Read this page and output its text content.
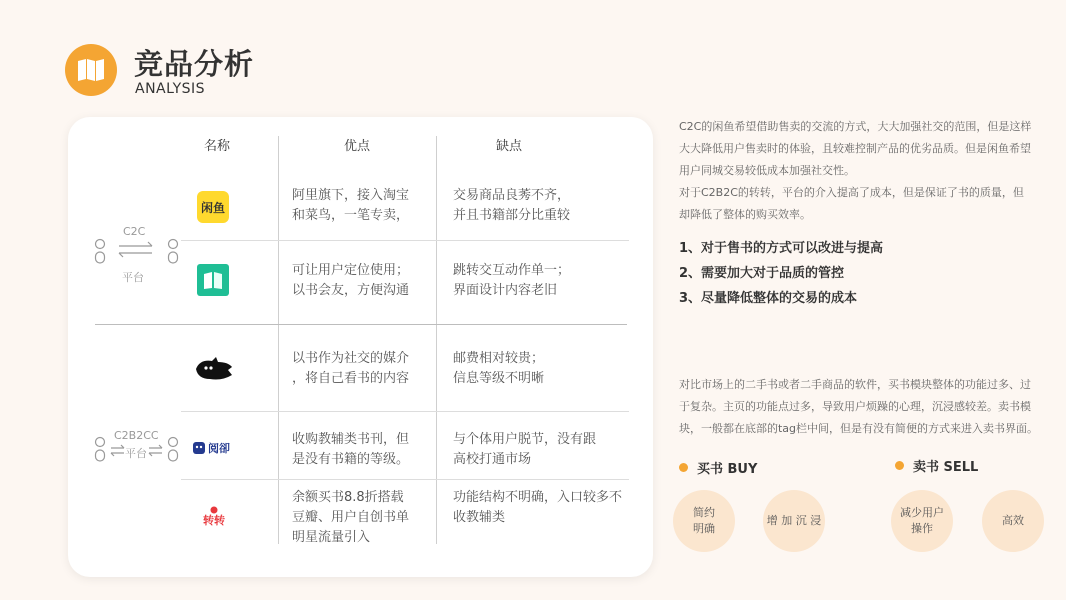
竞品分析
ANALYSIS
名称	优点	缺点
C2C
平台
C2B2CC
平台
闲鱼
阿里旗下，接入淘宝
和菜鸟，一笔专卖，
交易商品良莠不齐，
并且书籍部分比重较
可让用户定位使用；
以书会友，方便沟通
跳转交互动作单一；
界面设计内容老旧
以书作为社交的媒介
，将自己看书的内容
邮费相对较贵；
信息等级不明晰
阅卻
收购教辅类书刊，但
是没有书籍的等级。
与个体用户脱节，没有跟
高校打通市场
转转
余额买书8.8折搭载
豆瓣、用户自创书单
明星流量引入
功能结构不明确，入口较多不
收教辅类
C2C的闲鱼希望借助售卖的交流的方式，大大加强社交的范围，但是这样
大大降低用户售卖时的体验，且较难控制产品的优劣品质。但是闲鱼希望
用户同城交易较低成本加强社交性。
对于C2B2C的转转，平台的介入提高了成本，但是保证了书的质量，但
却降低了整体的购买效率。
1、对于售书的方式可以改进与提高
2、需要加大对于品质的管控
3、尽量降低整体的交易的成本
对比市场上的二手书或者二手商品的软件，买书模块整体的功能过多、过
于复杂。主页的功能点过多，导致用户烦躁的心理，沉浸感较差。卖书模
块，一般都在底部的tag栏中间，但是有没有简便的方式来进入卖书界面。
买书 BUY
简约
明确
增 加 沉 浸
卖书 SELL
减少用户
操作
高效
